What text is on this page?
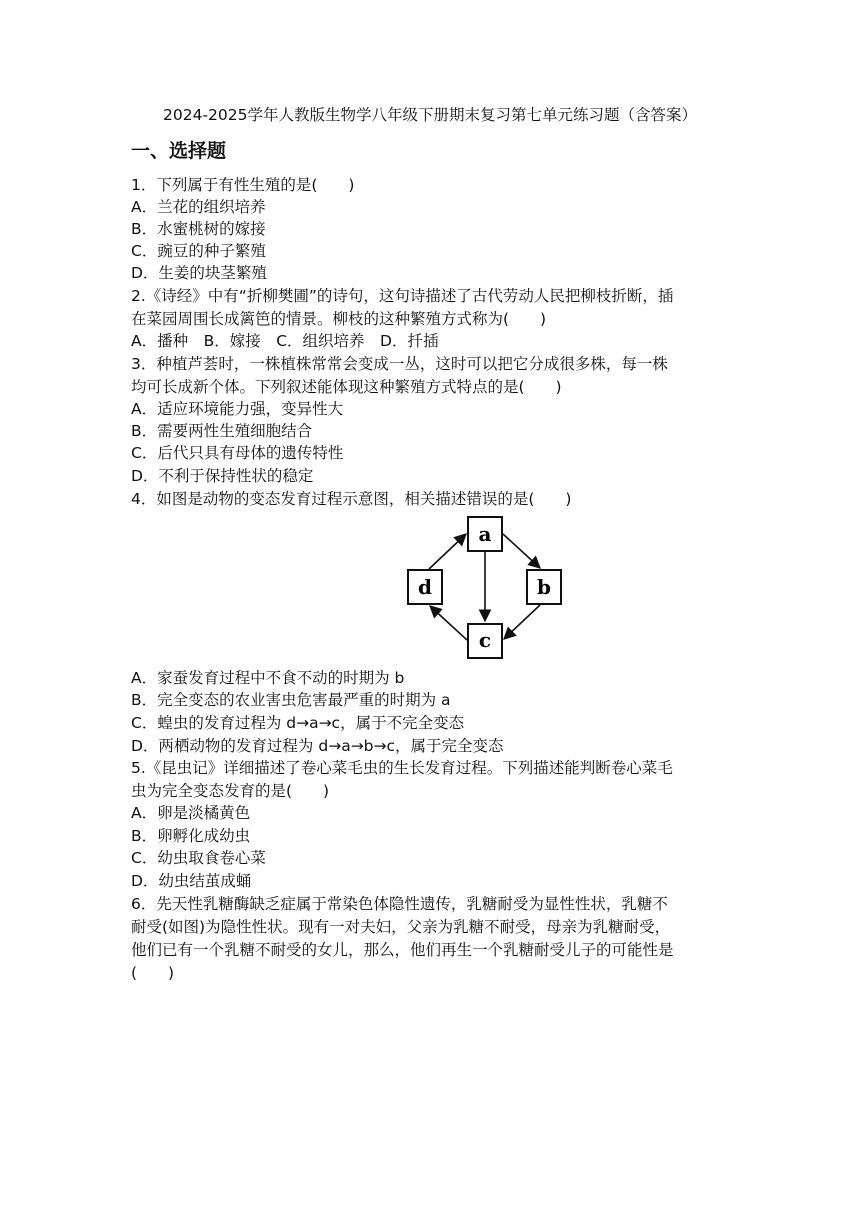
2024-2025学年人教版生物学八年级下册期末复习第七单元练习题（含答案）
一、选择题
1．下列属于有性生殖的是(　　)
A．兰花的组织培养
B．水蜜桃树的嫁接
C．豌豆的种子繁殖
D．生姜的块茎繁殖
2.《诗经》中有“折柳樊圃”的诗句，这句诗描述了古代劳动人民把柳枝折断，插
在菜园周围长成篱笆的情景。柳枝的这种繁殖方式称为(　　)
A．播种　B．嫁接　C．组织培养　D．扦插
3．种植芦荟时，一株植株常常会变成一丛，这时可以把它分成很多株，每一株
均可长成新个体。下列叙述能体现这种繁殖方式特点的是(　　)
A．适应环境能力强，变异性大
B．需要两性生殖细胞结合
C．后代只具有母体的遗传特性
D．不利于保持性状的稳定
4．如图是动物的变态发育过程示意图，相关描述错误的是(　　)
a
b
c
d
A．家蚕发育过程中不食不动的时期为 b
B．完全变态的农业害虫危害最严重的时期为 a
C．蝗虫的发育过程为 d→a→c，属于不完全变态
D．两栖动物的发育过程为 d→a→b→c，属于完全变态
5.《昆虫记》详细描述了卷心菜毛虫的生长发育过程。下列描述能判断卷心菜毛
虫为完全变态发育的是(　　)
A．卵是淡橘黄色
B．卵孵化成幼虫
C．幼虫取食卷心菜
D．幼虫结茧成蛹
6．先天性乳糖酶缺乏症属于常染色体隐性遗传，乳糖耐受为显性性状，乳糖不
耐受(如图)为隐性性状。现有一对夫妇，父亲为乳糖不耐受，母亲为乳糖耐受，
他们已有一个乳糖不耐受的女儿，那么，他们再生一个乳糖耐受儿子的可能性是
(　　)
